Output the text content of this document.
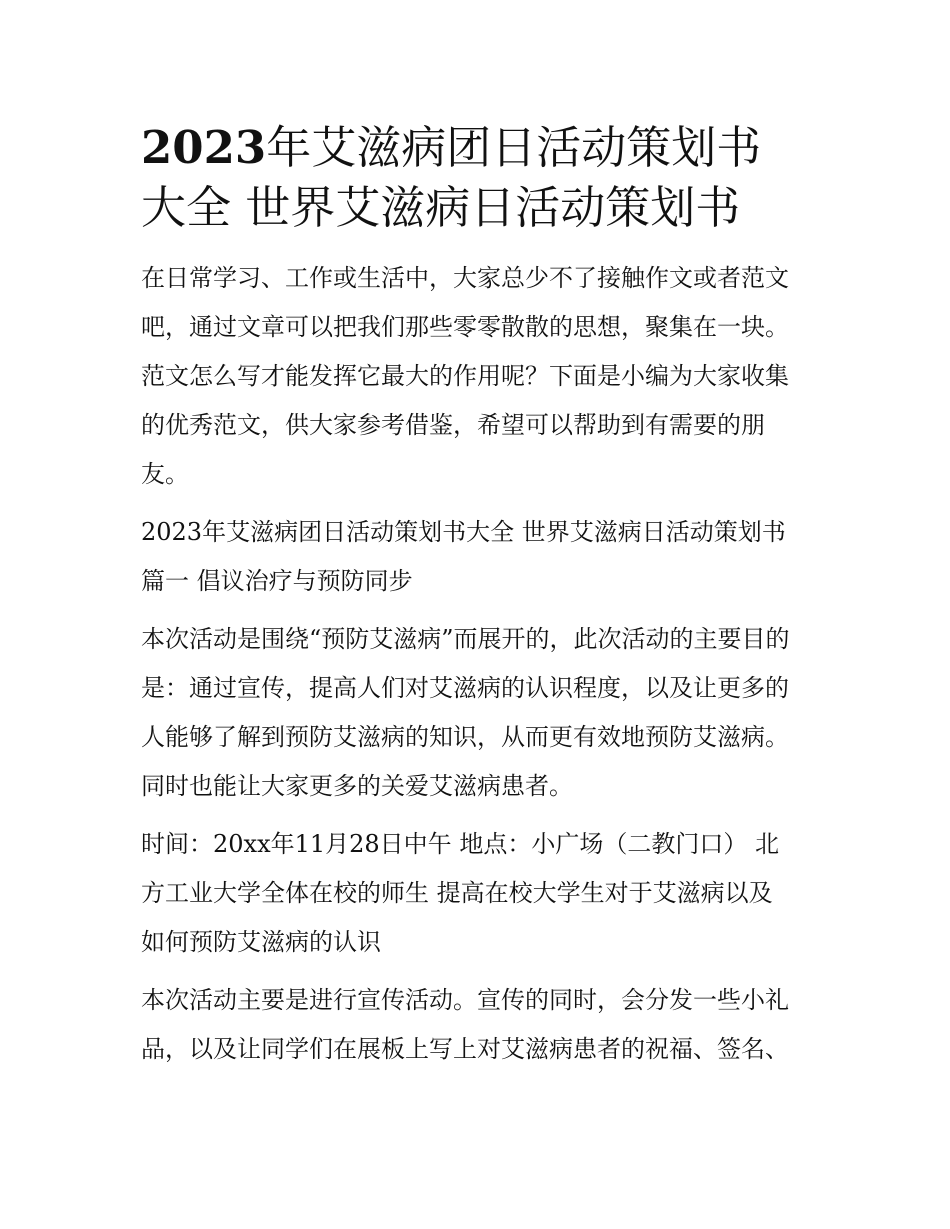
2023年艾滋病团日活动策划书
大全 世界艾滋病日活动策划书

在日常学习、工作或生活中，大家总少不了接触作文或者范文
吧，通过文章可以把我们那些零零散散的思想，聚集在一块。
范文怎么写才能发挥它最大的作用呢？下面是小编为大家收集
的优秀范文，供大家参考借鉴，希望可以帮助到有需要的朋
友。

2023年艾滋病团日活动策划书大全 世界艾滋病日活动策划书
篇一 倡议治疗与预防同步

本次活动是围绕“预防艾滋病”而展开的，此次活动的主要目的
是：通过宣传，提高人们对艾滋病的认识程度，以及让更多的
人能够了解到预防艾滋病的知识，从而更有效地预防艾滋病。
同时也能让大家更多的关爱艾滋病患者。

时间：20xx年11月28日中午 地点：小广场（二教门口） 北
方工业大学全体在校的师生 提高在校大学生对于艾滋病以及
如何预防艾滋病的认识

本次活动主要是进行宣传活动。宣传的同时，会分发一些小礼
品，以及让同学们在展板上写上对艾滋病患者的祝福、签名、
